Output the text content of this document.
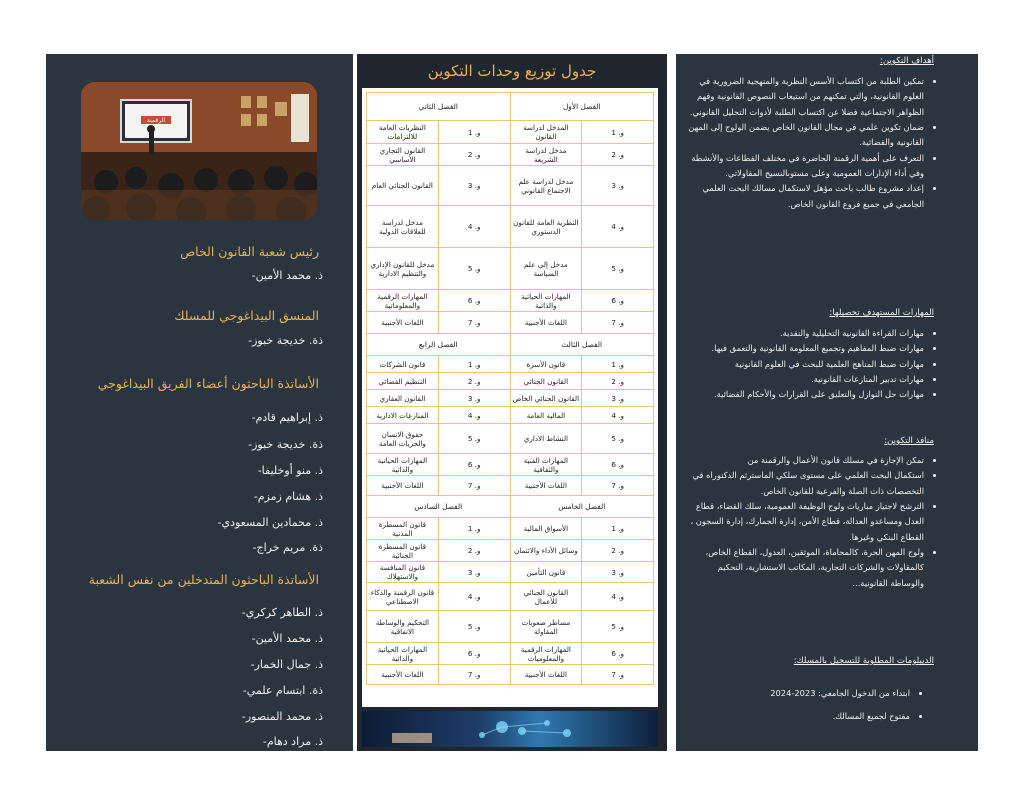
الرقمنة
رئيس شعبة القانون الخاص
ذ. محمد الأمين-
المنسق البيداغوجي للمسلك
ذة. خديجة خبوز-
الأساتذة الباحثون أعضاء الفريق البيداغوجي
ذ. إبراهيم قادم-
ذة. خديجة خبوز-
ذ. منو أوخليفا-
ذ. هشام زمزم-
ذ. محمادين المسعودي-
ذة. مريم خراج-
الأساتذة الباحثون المتدخلين من نفس الشعبة
ذ. الطاهر كركري-
ذ. محمد الأمين-
ذ. جمال الخمار-
ذة. ابتسام علمي-
ذ. محمد المنصور-
ذ. مراد دهام-
جدول توزيع وحدات التكوين
الفصل الأول		الفصل الثاني	
و. 1	المدخل لدراسة القانون	و. 1	النظريات العامة للالتزامات
و. 2	مدخل لدراسة الشريعة	و. 2	القانون التجاري الأساسي
و. 3	مدخل لدراسة علم الاجتماع القانوني	و. 3	القانون الجنائي العام
و. 4	النظرية العامة للقانون الدستوري	و. 4	مدخل لدراسة للعلاقات الدولية
و. 5	مدخل إلى علم السياسة	و. 5	مدخل للقانون الإداري والتنظيم الادارية
و. 6	المهارات الحياتية والذاتية	و. 6	المهارات الرقمية والمعلوماتية
و. 7	اللغات الأجنبية	و. 7	اللغات الأجنبية
الفصل الثالث		الفصل الرابع	
و. 1	قانون الأسرة	و. 1	قانون الشركات
و. 2	القانون الجنائي	و. 2	التنظيم القضائي
و. 3	القانون الجنائي الخاص	و. 3	القانون العقاري
و. 4	المالية العامة	و. 4	المنازعات الادارية
و. 5	النشاط الاداري	و. 5	حقوق الانسان والحريات العامة
و. 6	المهارات الفنية والثقافية	و. 6	المهارات الحياتية والذاتية
و. 7	اللغات الأجنبية	و. 7	اللغات الأجنبية
الفصل الخامس		الفصل السادس	
و. 1	الأسواق المالية	و. 1	قانون المسطرة المدنية
و. 2	وسائل الأداء والائتمان	و. 2	قانون المسطرة الجنائية
و. 3	قانون التأمين	و. 3	قانون المنافسة والاستهلاك
و. 4	القانون الجنائي للأعمال	و. 4	قانون الرقمنة والذكاء الاصطناعي
و. 5	مساطر صعوبات المقاولة	و. 5	التحكيم والوساطة الاتفاقية
و. 6	المهارات الرقمية والمعلوميات	و. 6	المهارات الحياتية والذاتية
و. 7	اللغات الأجنبية	و. 7	اللغات الأجنبية
أهداف التكوين:
• تمكين الطلبة من اكتساب الأسس النظرية والمنهجية الضرورية في العلوم القانونية، والتي تمكنهم من استيعاب النصوص القانونية وفهم الظواهر الاجتماعية فضلا عن اكتساب الطلبة لأدوات التحليل القانوني.
• ضمان تكوين علمي في مجال القانون الخاص يضمن الولوج إلى المهن القانونية والقضائية.
• التعرف على أهمية الرقمنة الحاضرة في مختلف القطاعات والأنشطة وفي أداء الإدارات العمومية وعلى مستوىالنسيج المقاولاتي.
• إعداد مشروع طالب باحث مؤهل لاستكمال مسالك البحث العلمي الجامعي في جميع فروع القانون الخاص.
المهارات المستهدف تحصيلها:
• مهارات القراءة القانونية التحليلية والنقدية.
• مهارات ضبط المفاهيم وتجميع المعلومة القانونية والتعمق فيها.
• مهارات ضبط المناهج العلمية للبحث في العلوم القانونية
• مهارات تدبير المنازعات القانونية.
• مهارات حل النوازل والتعليق على القرارات والأحكام القضائية.
منافذ التكوين:
• تمكن الإجازة في مسلك قانون الأعمال والرقمنة من
• استكمال البحث العلمي على مستوى سلكي الماسترثم الدكتوراه في التخصصات ذات الصلة والفرعية للقانون الخاص.
• الترشح لاجتياز مباريات ولوج الوظيفة العمومية، سلك القضاء، قطاع العدل ومساعدو العدالة، قطاع الأمن، إدارة الجمارك، إدارة السجون ، القطاع البنكي وغيرها.
• ولوج المهن الحرة، كالمحاماة، الموثقين، العدول، القطاع الخاص، كالمقاولات والشركات التجارية، المكاتب الاستشارية، التحكيم والوساطة القانونية...
الديبلومات المطلوبة للتسجيل بالمسلك:
• ابتداء من الدخول الجامعي: 2023-2024
• مفتوح لجميع المسالك.
